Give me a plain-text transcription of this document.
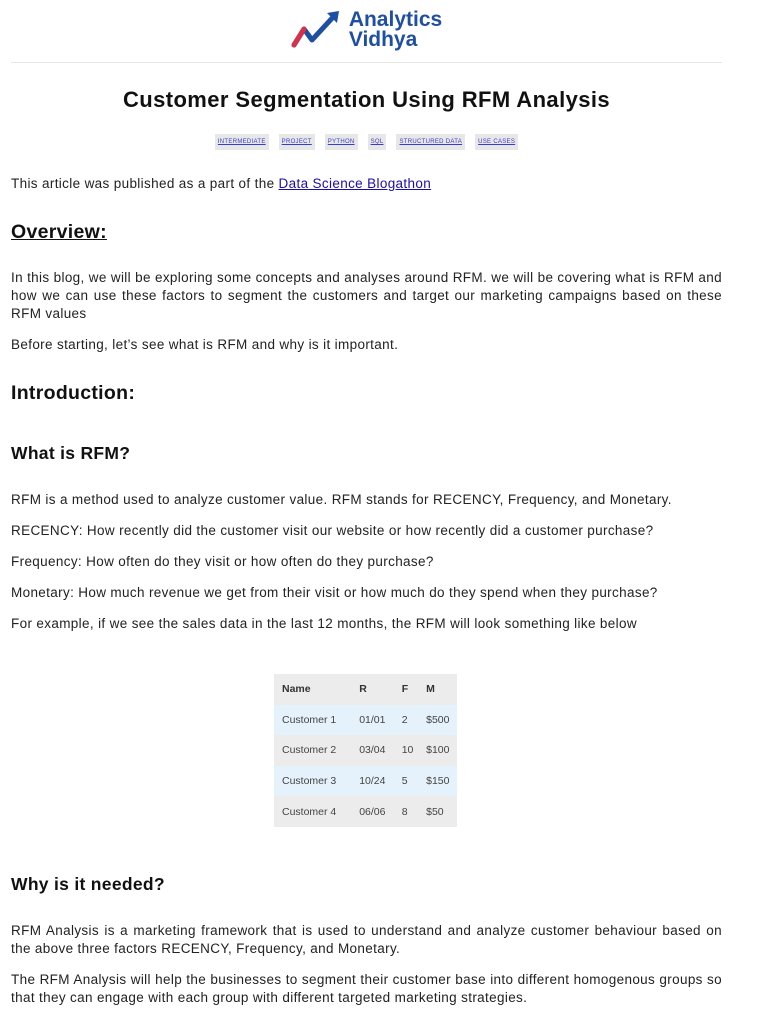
Analytics
Vidhya
Customer Segmentation Using RFM Analysis
INTERMEDIATE	PROJECT	PYTHON	SQL	STRUCTURED DATA	USE CASES

This article was published as a part of the Data Science Blogathon

Overview:

In this blog, we will be exploring some concepts and analyses around RFM. we will be covering what is RFM and how we can use these factors to segment the customers and target our marketing campaigns based on these RFM values

Before starting, let’s see what is RFM and why is it important.

Introduction:
What is RFM?

RFM is a method used to analyze customer value. RFM stands for RECENCY, Frequency, and Monetary.

RECENCY: How recently did the customer visit our website or how recently did a customer purchase?

Frequency: How often do they visit or how often do they purchase?

Monetary: How much revenue we get from their visit or how much do they spend when they purchase?

For example, if we see the sales data in the last 12 months, the RFM will look something like below

Name	R	F	M
Customer 1	01/01	2	$500
Customer 2	03/04	10	$100
Customer 3	10/24	5	$150
Customer 4	06/06	8	$50
Why is it needed?

RFM Analysis is a marketing framework that is used to understand and analyze customer behaviour based on the above three factors RECENCY, Frequency, and Monetary.

The RFM Analysis will help the businesses to segment their customer base into different homogenous groups so that they can engage with each group with different targeted marketing strategies.
